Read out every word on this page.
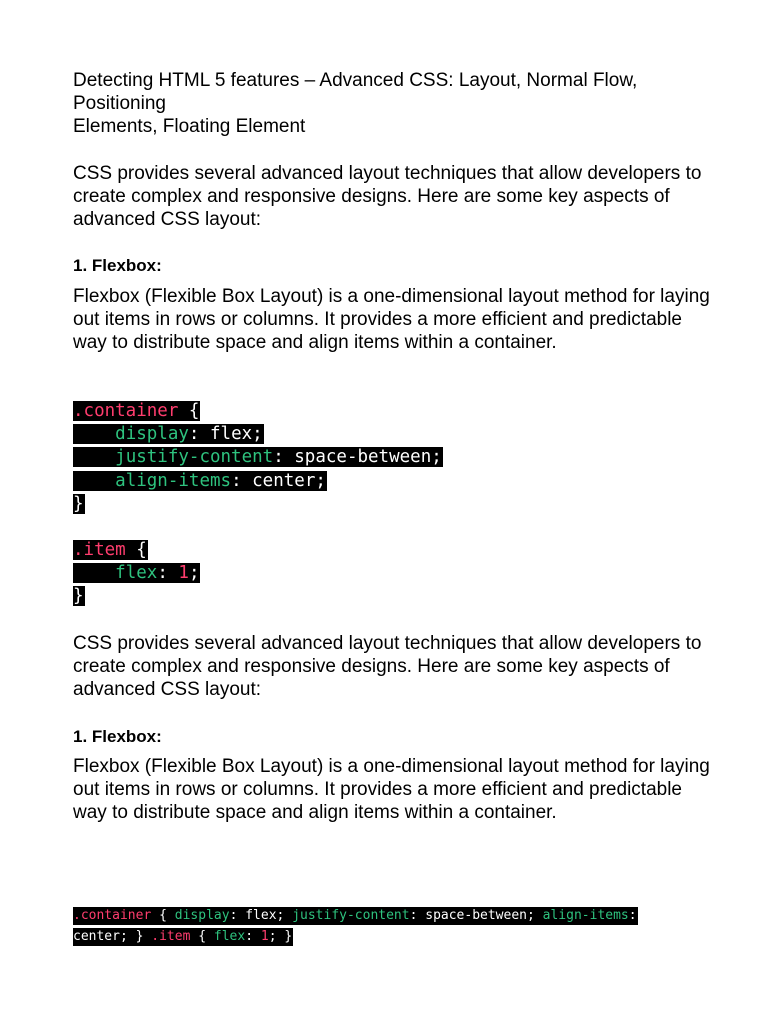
Detecting HTML 5 features – Advanced CSS: Layout, Normal Flow,
Positioning
Elements, Floating Element

CSS provides several advanced layout techniques that allow developers to create complex and responsive designs. Here are some key aspects of advanced CSS layout:

1. Flexbox:

Flexbox (Flexible Box Layout) is a one-dimensional layout method for laying out items in rows or columns. It provides a more efficient and predictable way to distribute space and align items within a container.

.container {
display: flex;
justify-content: space-between;
align-items: center;
}
.item {
flex: 1;
}

CSS provides several advanced layout techniques that allow developers to create complex and responsive designs. Here are some key aspects of advanced CSS layout:

1. Flexbox:

Flexbox (Flexible Box Layout) is a one-dimensional layout method for laying out items in rows or columns. It provides a more efficient and predictable way to distribute space and align items within a container.

.container { display: flex; justify-content: space-between; align-items:
center; } .item { flex: 1; }
